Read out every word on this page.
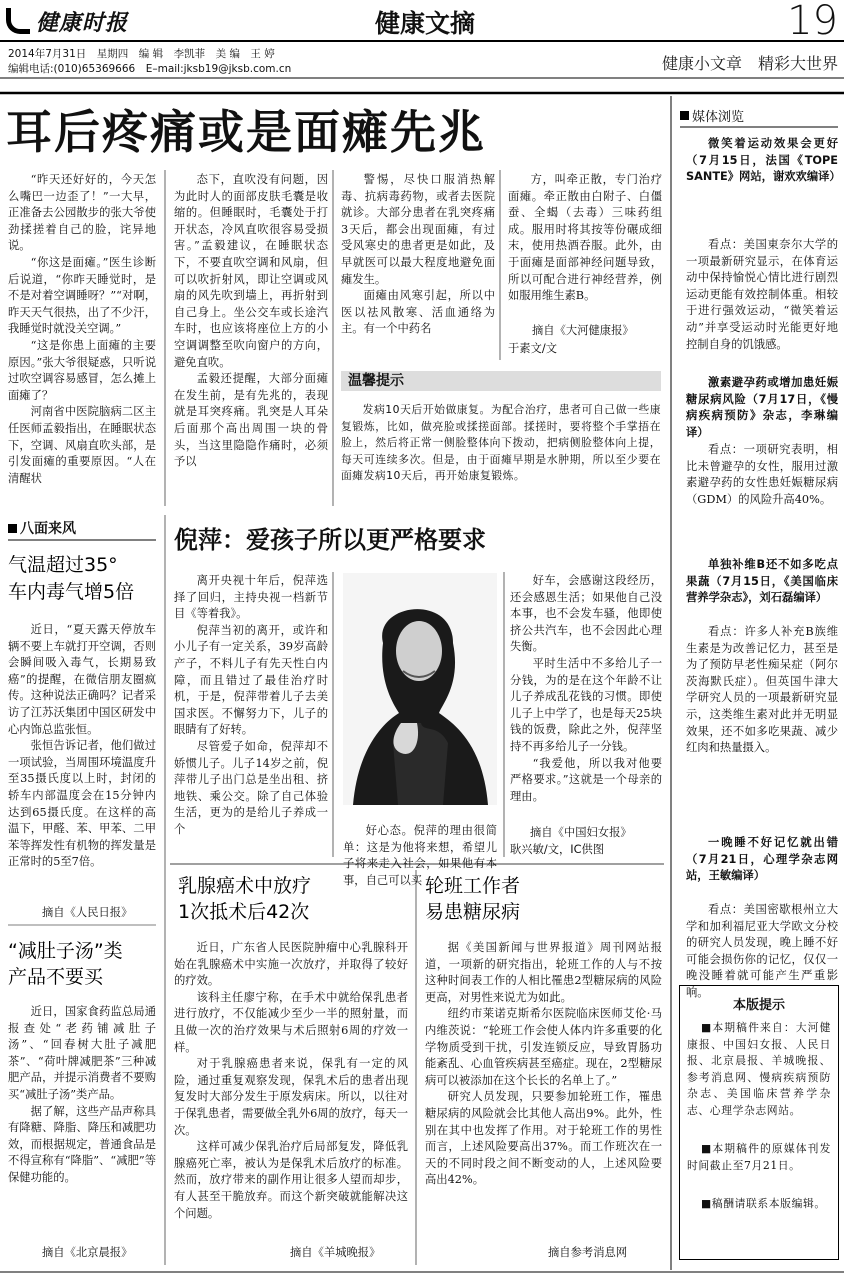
健康时报	健康文摘	19
2014年7月31日　星期四　编 辑　李凯菲　美 编　王 婷
编辑电话:(010)65369666　E–mail:jksb19@jksb.com.cn	健康小文章　精彩大世界
耳后疼痛或是面瘫先兆
“昨天还好好的，今天怎么嘴巴一边歪了！”一大早，正准备去公园散步的张大爷使劲揉搓着自己的脸，诧异地说。
“你这是面瘫。”医生诊断后说道，“你昨天睡觉时，是不是对着空调睡呀？”“对啊，昨天天气很热，出了不少汗，我睡觉时就没关空调。”
“这是你患上面瘫的主要原因。”张大爷很疑惑，只听说过吹空调容易感冒，怎么摊上面瘫了？
河南省中医院脑病二区主任医师孟毅指出，在睡眠状态下，空调、风扇直吹头部，是引发面瘫的重要原因。“人在清醒状
态下，直吹没有问题，因为此时人的面部皮肤毛囊是收缩的。但睡眠时，毛囊处于打开状态，冷风直吹很容易受损害。”孟毅建议，在睡眠状态下，不要直吹空调和风扇，但可以吹折射风，即让空调或风扇的风先吹到墙上，再折射到自己身上。坐公交车或长途汽车时，也应该将座位上方的小空调调整至吹向窗户的方向，避免直吹。
孟毅还提醒，大部分面瘫在发生前，是有先兆的，表现就是耳突疼痛。乳突是人耳朵后面那个高出周围一块的骨头，当这里隐隐作痛时，必须予以
警惕，尽快口服消热解毒、抗病毒药物，或者去医院就诊。大部分患者在乳突疼痛3天后，都会出现面瘫，有过受风寒史的患者更是如此，及早就医可以最大程度地避免面瘫发生。
面瘫由风寒引起，所以中医以祛风散寒、活血通络为主。有一个中药名
方，叫牵正散，专门治疗面瘫。牵正散由白附子、白僵蚕、全蝎（去毒）三味药组成。服用时将其按等份碾成细末，使用热酒吞服。此外，由于面瘫是面部神经问题导致，所以可配合进行神经营养，例如服用维生素B。
摘自《大河健康报》
于素文/文
温馨提示
发病10天后开始做康复。为配合治疗，患者可自己做一些康复锻炼，比如，做亮脸或揉搓面部。揉搓时，要将整个手掌捂在脸上，然后将正常一侧脸整体向下拨动，把病侧脸整体向上提，每天可连续多次。但是，由于面瘫早期是水肿期，所以至少要在面瘫发病10天后，再开始康复锻炼。
八面来风
气温超过35°
车内毒气增5倍
近日，“夏天露天停放车辆不要上车就打开空调，否则会瞬间吸入毒气，长期易致癌”的提醒，在微信朋友圈疯传。这种说法正确吗？记者采访了江苏沃集团中国区研发中心内饰总监张恒。
张恒告诉记者，他们做过一项试验，当周围环境温度升至35摄氏度以上时，封闭的轿车内部温度会在15分钟内达到65摄氏度。在这样的高温下，甲醛、苯、甲苯、二甲苯等挥发性有机物的挥发量是正常时的5至7倍。
摘自《人民日报》
“减肚子汤”类
产品不要买
近日，国家食药监总局通报查处“老药铺减肚子汤”、“回春树大肚子减肥茶”、“荷叶牌减肥茶”三种减肥产品，并提示消费者不要购买“减肚子汤”类产品。
据了解，这些产品声称具有降糖、降脂、降压和减肥功效，而根据规定，普通食品是不得宣称有“降脂”、“减肥”等保健功能的。
摘自《北京晨报》
倪萍：爱孩子所以更严格要求
离开央视十年后，倪萍选择了回归，主持央视一档新节目《等着我》。
倪萍当初的离开，或许和小儿子有一定关系，39岁高龄产子，不料儿子有先天性白内障，而且错过了最佳治疗时机，于是，倪萍带着儿子去美国求医。不懈努力下，儿子的眼睛有了好转。
尽管爱子如命，倪萍却不娇惯儿子。儿子14岁之前，倪萍带儿子出门总是坐出租、挤地铁、乘公交。除了自己体验生活，更为的是给儿子养成一个	好心态。倪萍的理由很简单：这是为他将来想，希望儿子将来走入社会，如果他有本事，自己可以买
好车，会感谢这段经历，还会感恩生活；如果他自己没本事，也不会发车骚，他即使挤公共汽车，也不会因此心理失衡。
平时生活中不多给儿子一分钱，为的是在这个年龄不让儿子养成乱花钱的习惯。即使儿子上中学了，也是每天25块钱的饭费，除此之外，倪萍坚持不再多给儿子一分钱。
“我爱他，所以我对他要严格要求。”这就是一个母亲的理由。
摘自《中国妇女报》
耿兴敏/文，IC供图
乳腺癌术中放疗
1次抵术后42次
近日，广东省人民医院肿瘤中心乳腺科开始在乳腺癌术中实施一次放疗，并取得了较好的疗效。
该科主任廖宁称，在手术中就给保乳患者进行放疗，不仅能减少至少一半的照射量，而且做一次的治疗效果与术后照射6周的疗效一样。
对于乳腺癌患者来说，保乳有一定的风险，通过重复观察发现，保乳术后的患者出现复发时大部分发生于原发病床。所以，以往对于保乳患者，需要做全乳外6周的放疗，每天一次。
这样可减少保乳治疗后局部复发，降低乳腺癌死亡率，被认为是保乳术后放疗的标准。然而，放疗带来的副作用让很多人望而却步，有人甚至干脆放弃。而这个新突破就能解决这个问题。
摘自《羊城晚报》
轮班工作者
易患糖尿病
据《美国新闻与世界报道》周刊网站报道，一项新的研究指出，轮班工作的人与不按这种时间表工作的人相比罹患2型糖尿病的风险更高，对男性来说尤为如此。
纽约市莱诺克斯希尔医院临床医师艾伦·马内维茨说：“轮班工作会使人体内许多重要的化学物质受到干扰，引发连锁反应，导致胃肠功能紊乱、心血管疾病甚至癌症。现在，2型糖尿病可以被添加在这个长长的名单上了。”
研究人员发现，只要参加轮班工作，罹患糖尿病的风险就会比其他人高出9%。此外，性别在其中也发挥了作用。对于轮班工作的男性而言，上述风险要高出37%。而工作班次在一天的不同时段之间不断变动的人，上述风险要高出42%。
摘自参考消息网
媒体浏览
微笑着运动效果会更好（7月15日，法国《TOPE SANTE》网站，谢欢欢编译）
看点：美国東奈尔大学的一项最新研究显示，在体育运动中保持愉悦心情比进行剧烈运动更能有效控制体重。相较于进行强效运动，“微笑着运动”并享受运动时光能更好地控制自身的饥饿感。
激素避孕药或增加患妊娠糖尿病风险（7月17日，《慢病疾病预防》杂志，李琳编译）
看点：一项研究表明，相比未曾避孕的女性，服用过激素避孕药的女性患妊娠糖尿病（GDM）的风险升高40%。
单独补维B还不如多吃点果蔬（7月15日，《美国临床营养学杂志》，刘石磊编译）
看点：许多人补充B族维生素是为改善记忆力，甚至是为了预防早老性痴呆症（阿尔茨海默氏症）。但英国牛津大学研究人员的一项最新研究显示，这类维生素对此并无明显效果，还不如多吃果蔬、减少红肉和热量摄入。
一晚睡不好记忆就出错（7月21日，心理学杂志网站，王敏编译）
看点：美国密歇根州立大学和加利福尼亚大学欧文分校的研究人员发现，晚上睡不好可能会损伤你的记忆，仅仅一晚没睡着就可能产生严重影响。
本版提示
■本期稿件来自：大河健康报、中国妇女报、人民日报、北京晨报、羊城晚报、参考消息网、慢病疾病预防杂志、美国临床营养学杂志、心理学杂志网站。
■本期稿件的原媒体刊发时间截止至7月21日。
■稿酬请联系本版编辑。
